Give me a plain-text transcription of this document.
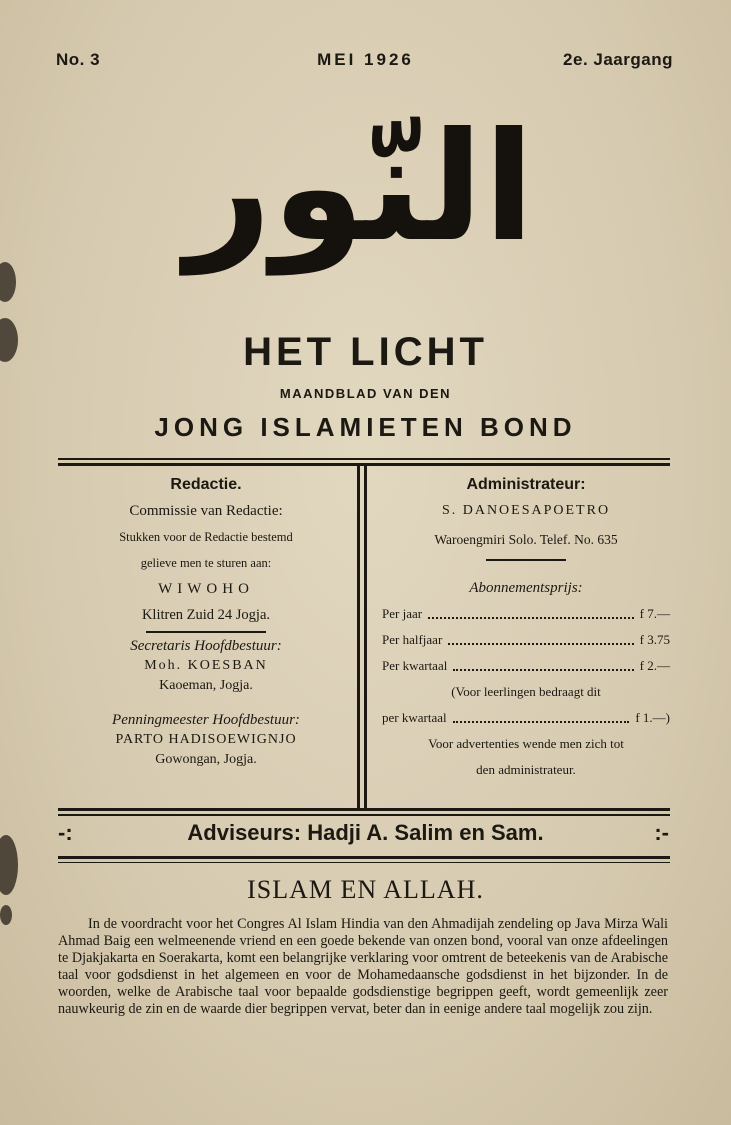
No. 3	MEI 1926	2e. Jaargang
النّور
HET LICHT
MAANDBLAD VAN DEN
JONG ISLAMIETEN BOND
Redactie.
Commissie van Redactie:
Stukken voor de Redactie bestemd
gelieve men te sturen aan:
WIWOHO
Klitren Zuid 24 Jogja.
Secretaris Hoofdbestuur:
Moh. KOESBAN
Kaoeman, Jogja.
Penningmeester Hoofdbestuur:
PARTO HADISOEWIGNJO
Gowongan, Jogja.
Administrateur:
S. DANOESAPOETRO
Waroengmiri Solo. Telef. No. 635
Abonnementsprijs:
Per jaar	f 7.—
Per halfjaar	f 3.75
Per kwartaal	f 2.—
(Voor leerlingen bedraagt dit
per kwartaal	f 1.—)
Voor advertenties wende men zich tot
den administrateur.
-:	Adviseurs: Hadji A. Salim en Sam.	:-
ISLAM EN ALLAH.
In de voordracht voor het Congres Al Islam Hindia van den Ahmadijah zendeling op Java Mirza Wali Ahmad Baig een welmeenende vriend en een goede bekende van onzen bond, vooral van onze afdeelingen te Djakjakarta en Soerakarta, komt een belangrijke verklaring voor omtrent de beteekenis van de Arabische taal voor godsdienst in het algemeen en voor de Mohamedaansche godsdienst in het bijzonder. In de woorden, welke de Arabische taal voor bepaalde godsdienstige begrippen geeft, wordt gemeenlijk zeer nauwkeurig de zin en de waarde dier begrippen vervat, beter dan in eenige andere taal mogelijk zou zijn.
